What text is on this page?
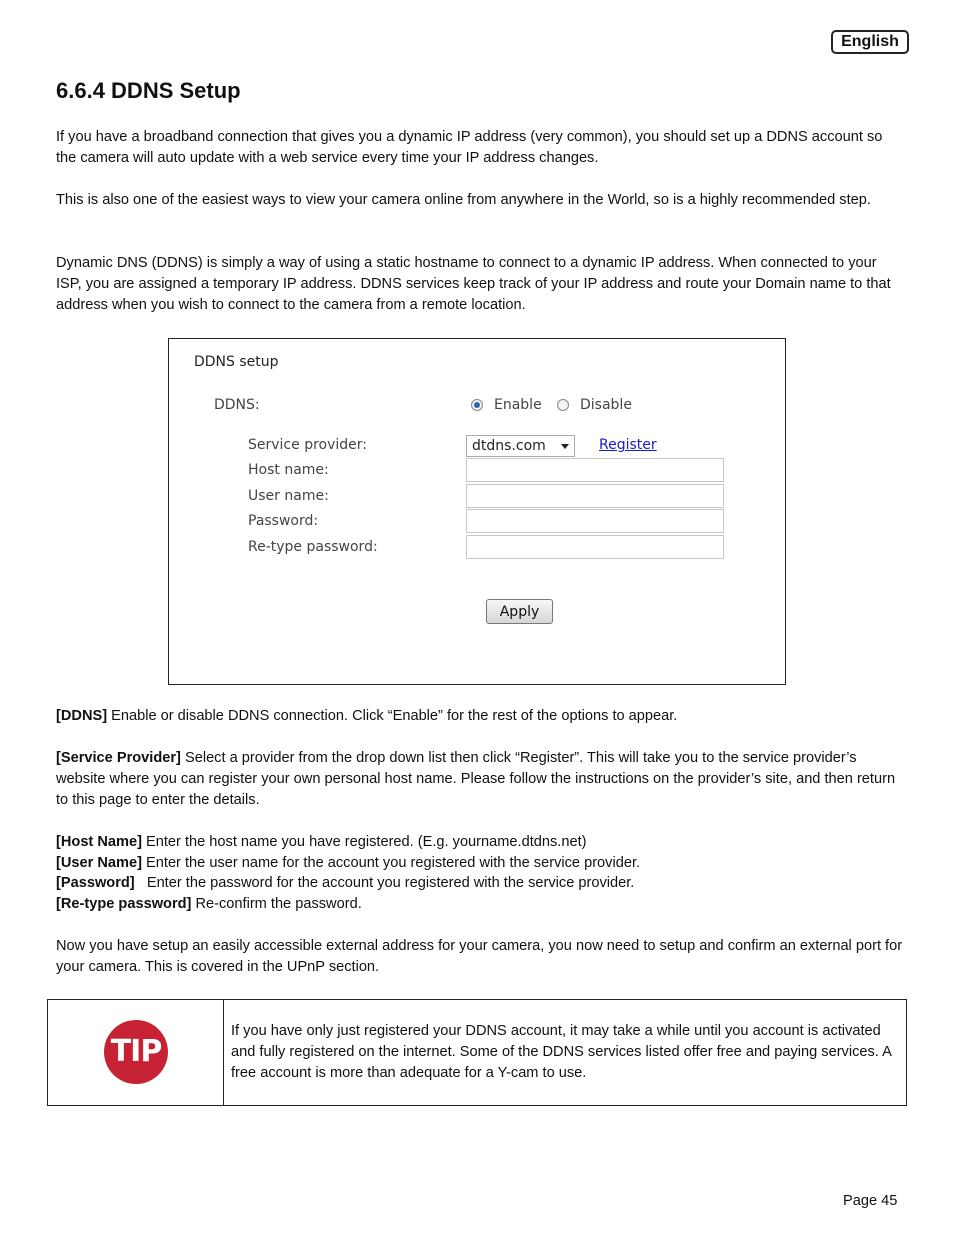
English
6.6.4 DDNS Setup

If you have a broadband connection that gives you a dynamic IP address (very common), you should set up a DDNS account so the camera will auto update with a web service every time your IP address changes.

This is also one of the easiest ways to view your camera online from anywhere in the World, so is a highly recommended step.

Dynamic DNS (DDNS) is simply a way of using a static hostname to connect to a dynamic IP address. When connected to your ISP, you are assigned a temporary IP address. DDNS services keep track of your IP address and route your Domain name to that address when you wish to connect to the camera from a remote location.

DDNS setup
DDNS:	Enable	Disable
Service provider:	dtdns.com	Register
Host name:
User name:
Password:
Re-type password:
Apply

[DDNS] Enable or disable DDNS connection. Click “Enable” for the rest of the options to appear.

[Service Provider] Select a provider from the drop down list then click “Register”. This will take you to the service provider’s website where you can register your own personal host name. Please follow the instructions on the provider’s site, and then return to this page to enter the details.

[Host Name] Enter the host name you have registered. (E.g. yourname.dtdns.net)

[User Name] Enter the user name for the account you registered with the service provider.

[Password]   Enter the password for the account you registered with the service provider.

[Re-type password] Re-confirm the password.

Now you have setup an easily accessible external address for your camera, you now need to setup and confirm an external port for your camera. This is covered in the UPnP section.

TIP

If you have only just registered your DDNS account, it may take a while until you account is activated and fully registered on the internet. Some of the DDNS services listed offer free and paying services. A free account is more than adequate for a Y-cam to use.

Page 45
